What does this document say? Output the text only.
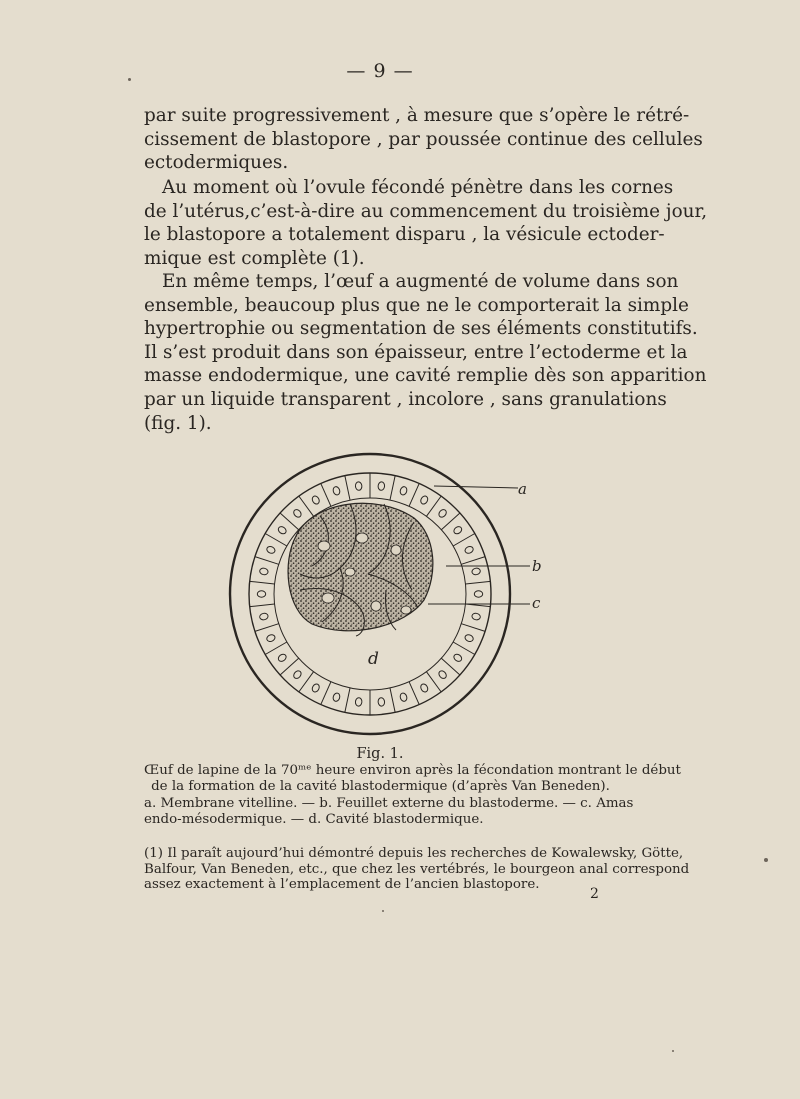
— 9 —

par suite progressivement , à mesure que s’opère le rétré-
cissement de blastopore , par poussée continue des cellules
ectodermiques.

Au moment où l’ovule fécondé pénètre dans les cornes
de l’utérus,c’est-à-dire au commencement du troisième jour,
le blastopore a totalement disparu , la vésicule ectoder-
mique est complète (1).

En même temps, l’œuf a augmenté de volume dans son
ensemble, beaucoup plus que ne le comporterait la simple
hypertrophie ou segmentation de ses éléments constitutifs.
Il s’est produit dans son épaisseur, entre l’ectoderme et la
masse endodermique, une cavité remplie dès son apparition
par un liquide transparent , incolore , sans granulations
(fig. 1).

a
b
c
d
Fig. 1.

Œuf de lapine de la 70ᵐᵉ heure environ après la fécondation montrant le début
de la formation de la cavité blastodermique (d’après Van Beneden).

a. Membrane vitelline. — b. Feuillet externe du blastoderme. — c. Amas
endo-mésodermique. — d. Cavité blastodermique.

(1) Il paraît aujourd’hui démontré depuis les recherches de Kowalewsky, Götte,
Balfour, Van Beneden, etc., que chez les vertébrés, le bourgeon anal correspond
assez exactement à l’emplacement de l’ancien blastopore.

2
